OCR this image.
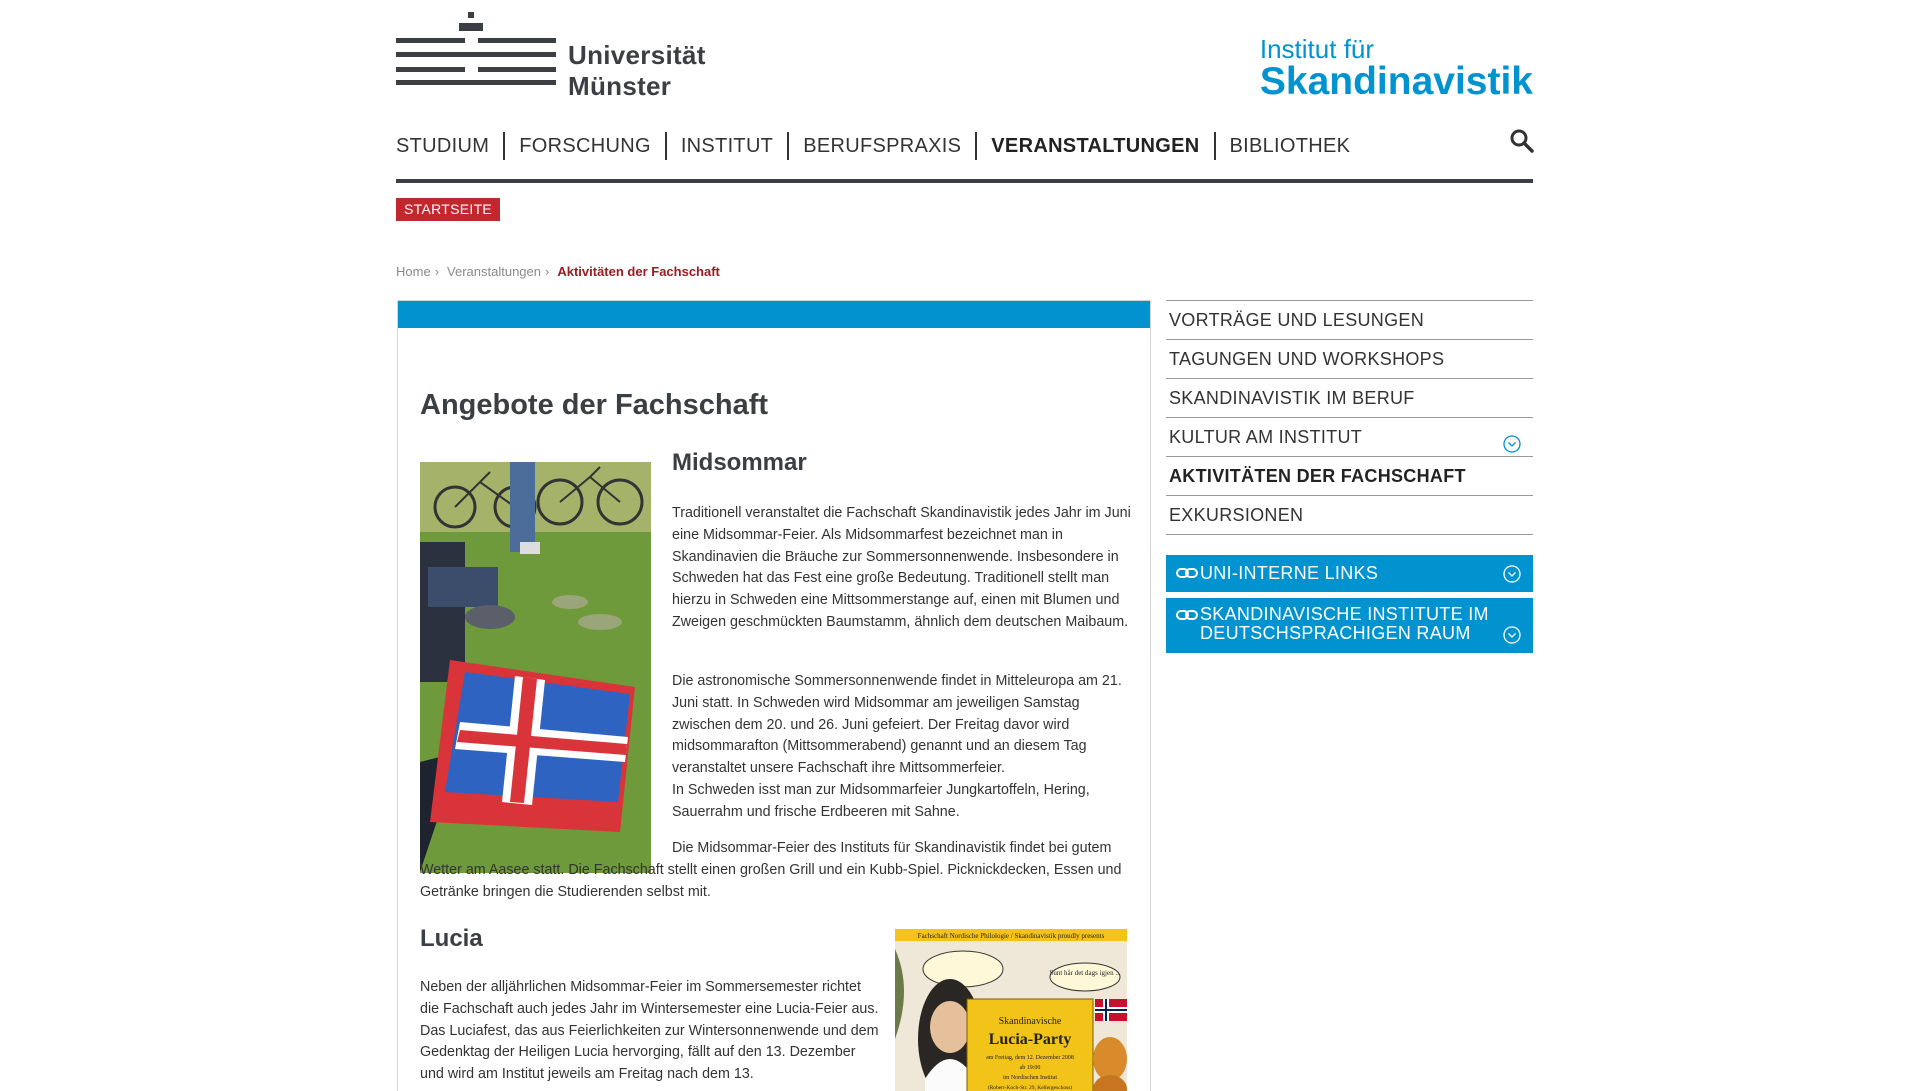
Universität
Münster
Institut für
Skandinavistik
STUDIUM	FORSCHUNG	INSTITUT	BERUFSPRAXIS	VERANSTALTUNGEN	BIBLIOTHEK
STARTSEITE
Home › Veranstaltungen › Aktivitäten der Fachschaft
Angebote der Fachschaft
Midsommar
Traditionell veranstaltet die Fachschaft Skandinavistik jedes Jahr im Juni eine Midsommar-Feier. Als Midsommarfest bezeichnet man in Skandinavien die Bräuche zur Sommersonnenwende. Insbesondere in Schweden hat das Fest eine große Bedeutung. Traditionell stellt man hierzu in Schweden eine Mittsommerstange auf, einen mit Blumen und Zweigen geschmückten Baumstamm, ähnlich dem deutschen Maibaum.
Die astronomische Sommersonnenwende findet in Mitteleuropa am 21. Juni statt. In Schweden wird Midsommar am jeweiligen Samstag zwischen dem 20. und 26. Juni gefeiert. Der Freitag davor wird midsommarafton (Mittsommerabend) genannt und an diesem Tag veranstaltet unsere Fachschaft ihre Mittsommerfeier.
In Schweden isst man zur Midsommarfeier Jungkartoffeln, Hering, Sauerrahm und frische Erdbeeren mit Sahne.
Die Midsommar-Feier des Instituts für Skandinavistik findet bei gutem Wetter am Aasee statt. Die Fachschaft stellt einen großen Grill und ein Kubb-Spiel. Picknickdecken, Essen und Getränke bringen die Studierenden selbst mit.
Lucia
Neben der alljährlichen Midsommar-Feier im Sommersemester richtet die Fachschaft auch jedes Jahr im Wintersemester eine Lucia-Feier aus. Das Luciafest, das aus Feierlichkeiten zur Wintersonnenwende und dem Gedenktag der Heiligen Lucia hervorging, fällt auf den 13. Dezember und wird am Institut jeweils am Freitag nach dem 13.
Fachschaft Nordische Philologie / Skandinavistik proudly presents
Sunt hår det dags igjen ...
Skandinavische
Lucia-Party
am Freitag, dem 12. Dezember 2008
ab 19:00
im Nordischen Institut
(Robert-Koch-Str. 29, Kellergeschoss)
VORTRÄGE UND LESUNGEN
TAGUNGEN UND WORKSHOPS
SKANDINAVISTIK IM BERUF
KULTUR AM INSTITUT
AKTIVITÄTEN DER FACHSCHAFT
EXKURSIONEN
UNI-INTERNE LINKS
SKANDINAVISCHE INSTITUTE IM DEUTSCHSPRACHIGEN RAUM
